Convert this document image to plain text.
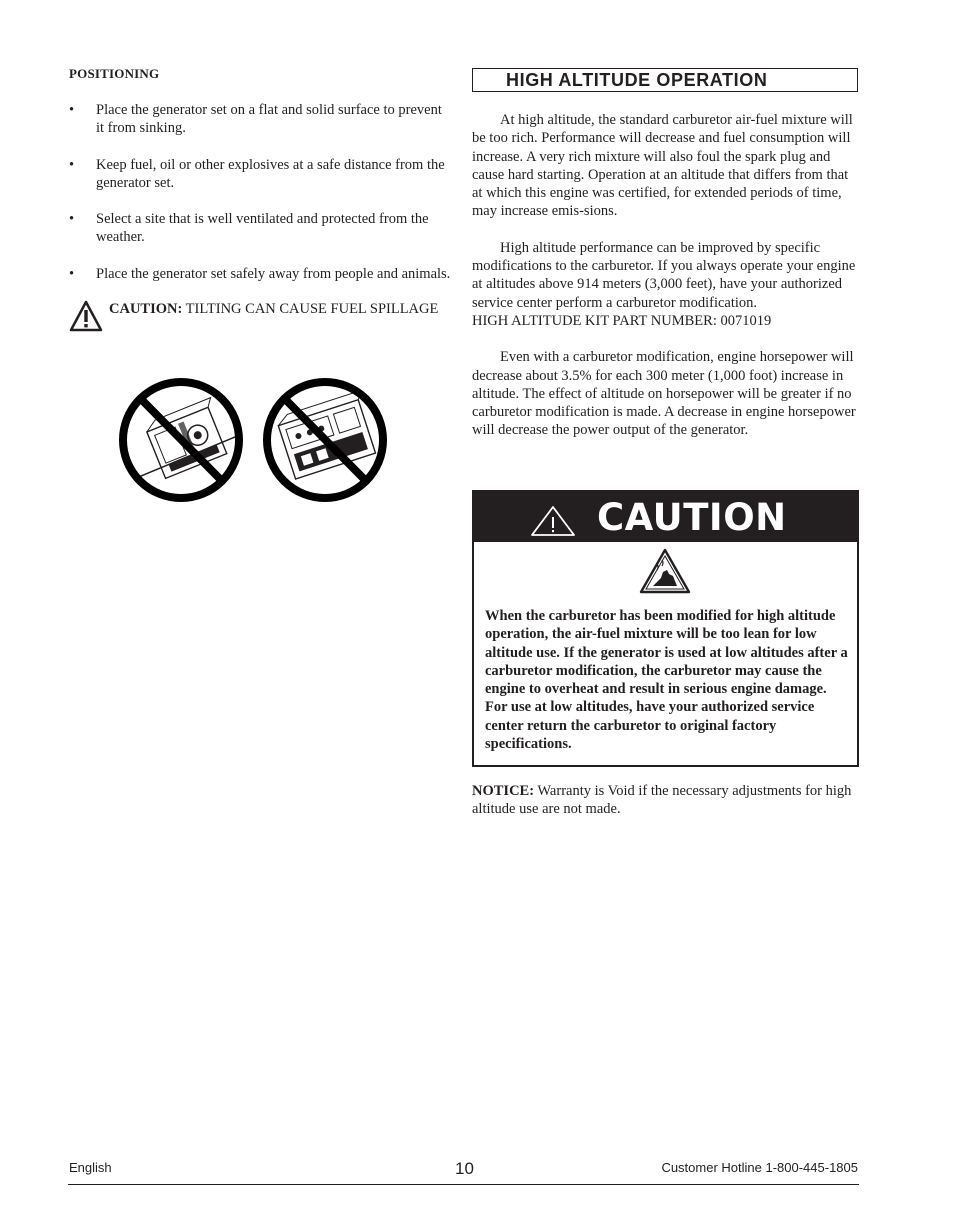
POSITIONING
• Place the generator set on a flat and solid surface to prevent it from sinking.
• Keep fuel, oil or other explosives at a safe distance from the generator set.
• Select a site that is well ventilated and protected from the weather.
• Place the generator set safely away from people and animals.
CAUTION: TILTING CAN CAUSE FUEL SPILLAGE
HIGH ALTITUDE OPERATION

At high altitude, the standard carburetor air-fuel mixture will be too rich. Performance will decrease and fuel consumption will increase. A very rich mixture will also foul the spark plug and cause hard starting. Operation at an altitude that differs from that at which this engine was certified, for extended periods of time, may increase emis-sions.

High altitude performance can be improved by specific modifications to the carburetor. If you always operate your engine at altitudes above 914 meters (3,000 feet), have your authorized service center perform a carburetor modification.
HIGH ALTITUDE KIT PART NUMBER: 0071019

Even with a carburetor modification, engine horsepower will decrease about 3.5% for each 300 meter (1,000 foot) increase in altitude. The effect of altitude on horsepower will be greater if no carburetor modification is made. A decrease in engine horsepower will decrease the power output of the generator.

CAUTION
When the carburetor has been modified for high altitude operation, the air-fuel mixture will be too lean for low altitude use. If the generator is used at low altitudes after a carburetor modification, the carburetor may cause the engine to overheat and result in serious engine damage. For use at low altitudes, have your authorized service center return the carburetor to original factory specifications.
NOTICE: Warranty is Void if the necessary adjustments for high altitude use are not made.
English	10	Customer Hotline 1-800-445-1805
